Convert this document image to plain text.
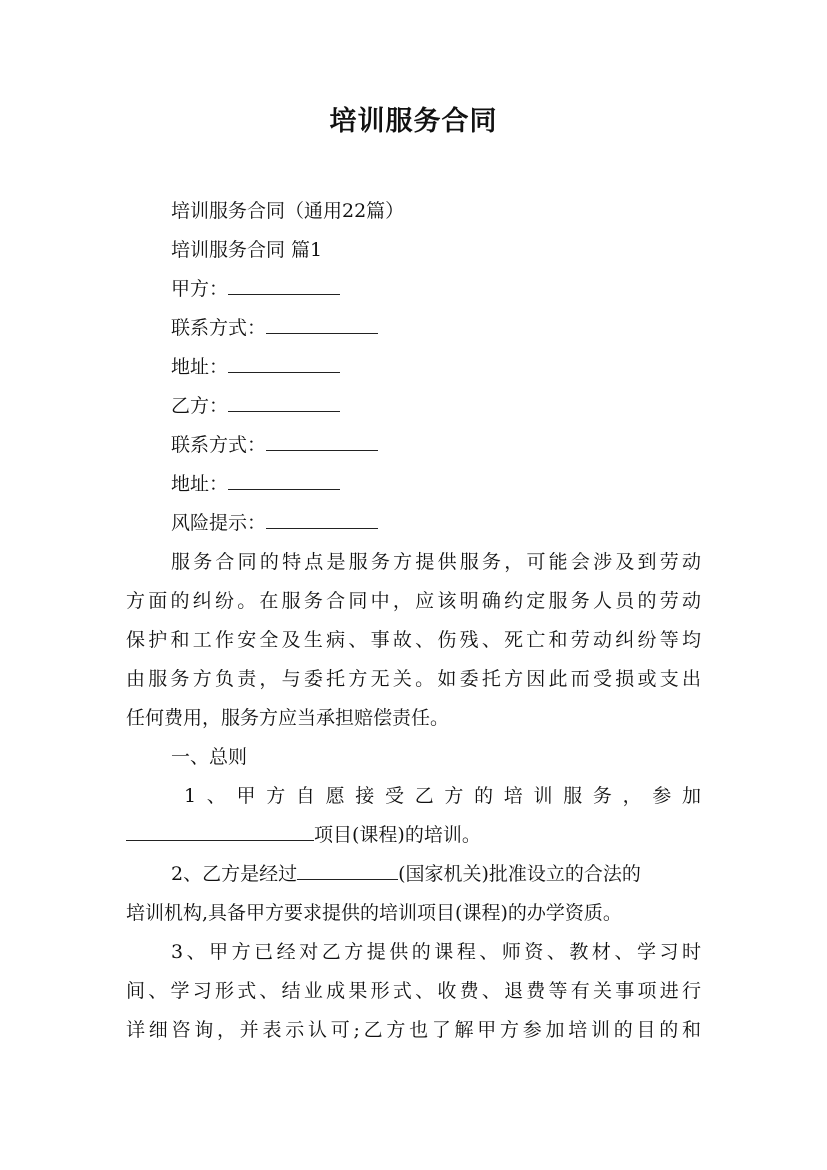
培训服务合同
培训服务合同（通用22篇）
培训服务合同 篇1
甲方：
联系方式：
地址：
乙方：
联系方式：
地址：
风险提示：
服务合同的特点是服务方提供服务，可能会涉及到劳动
方面的纠纷。在服务合同中，应该明确约定服务人员的劳动
保护和工作安全及生病、事故、伤残、死亡和劳动纠纷等均
由服务方负责，与委托方无关。如委托方因此而受损或支出
任何费用，服务方应当承担赔偿责任。
一、总则
1、甲方自愿接受乙方的培训服务，参加
项目(课程)的培训。
2、乙方是经过	(国家机关)批准设立的合法的
培训机构,具备甲方要求提供的培训项目(课程)的办学资质。
3、甲方已经对乙方提供的课程、师资、教材、学习时
间、学习形式、结业成果形式、收费、退费等有关事项进行
详细咨询，并表示认可;乙方也了解甲方参加培训的目的和
